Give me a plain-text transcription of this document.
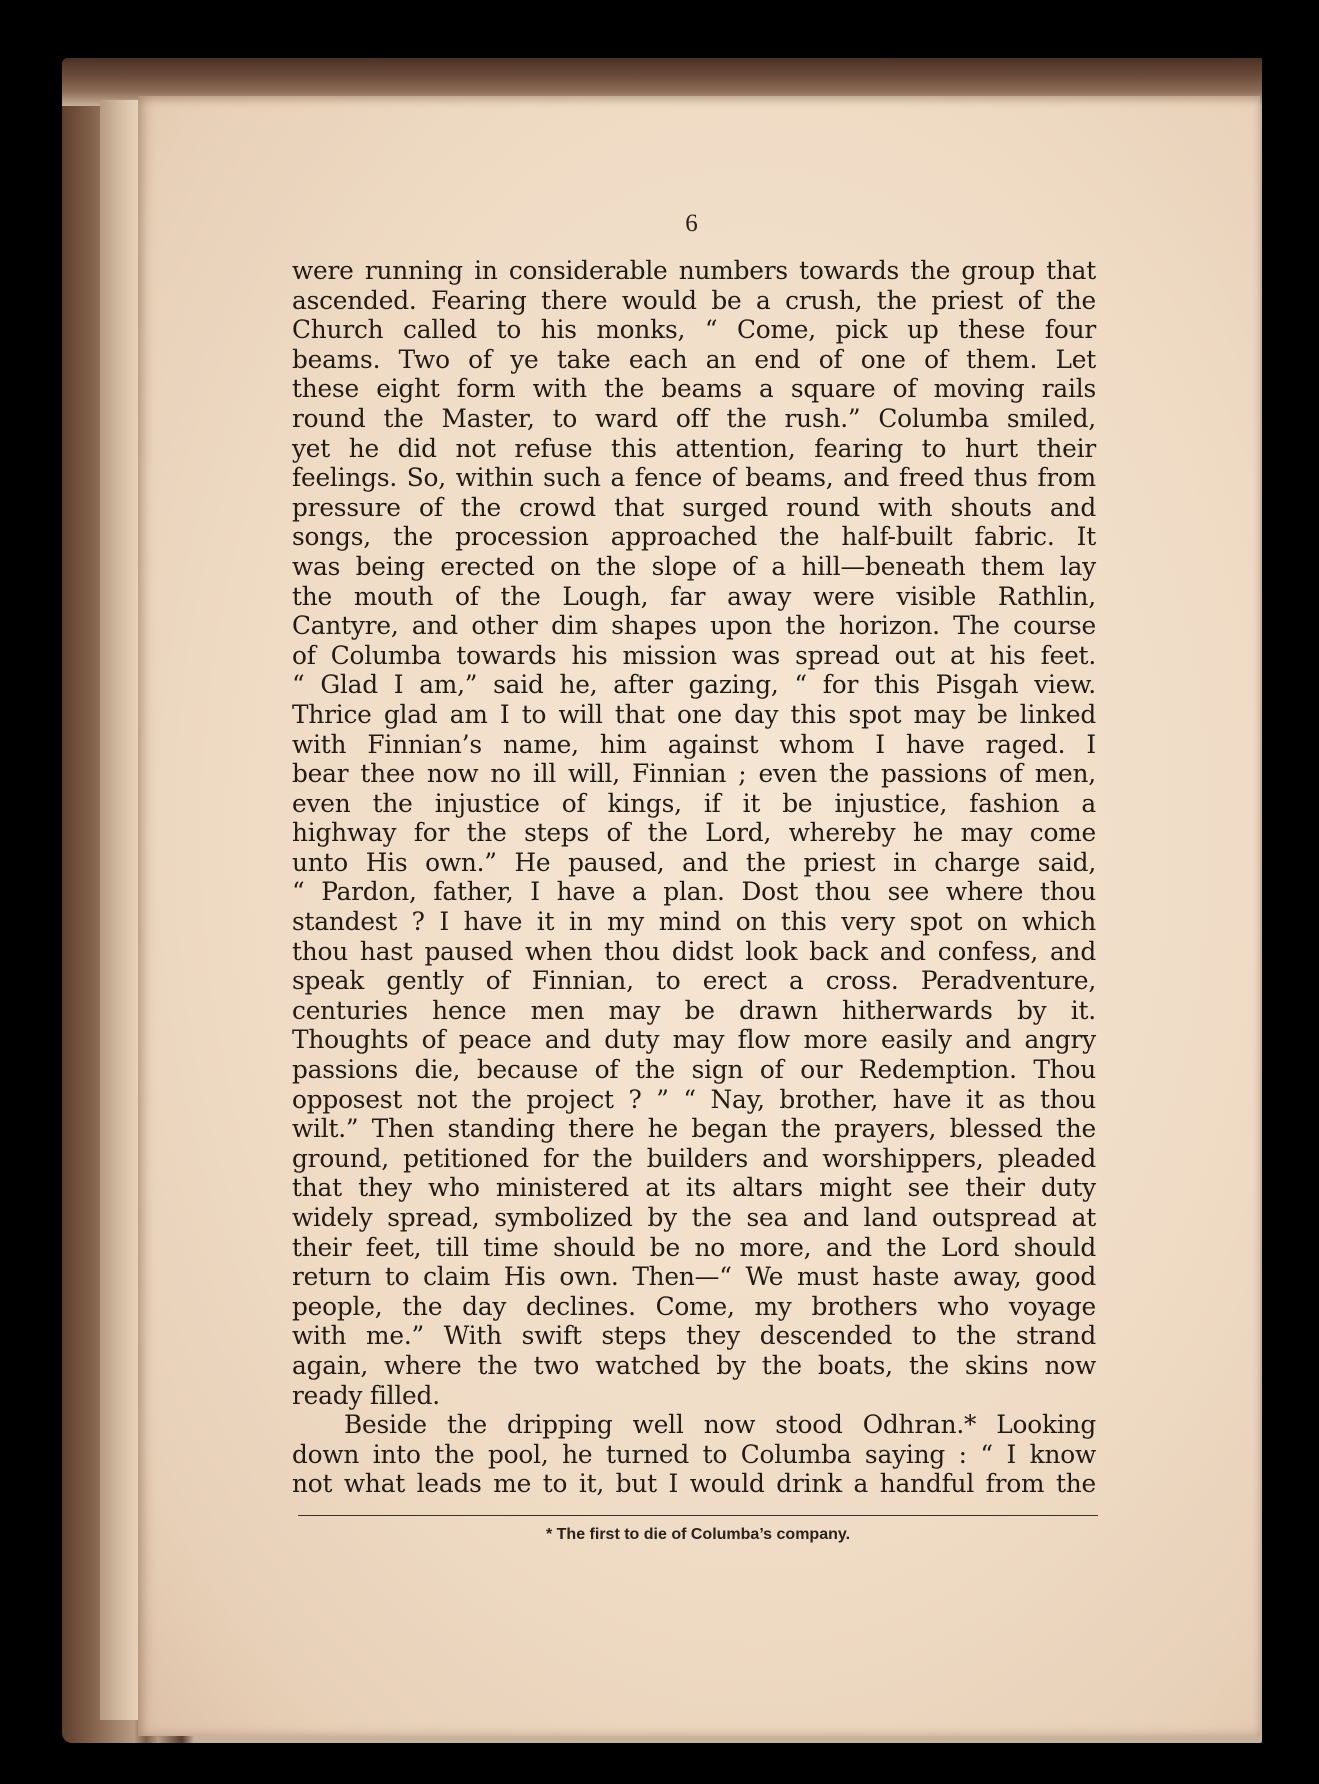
6
were running in considerable numbers towards the group that
ascended. Fearing there would be a crush, the priest of the
Church called to his monks, “ Come, pick up these four
beams. Two of ye take each an end of one of them. Let
these eight form with the beams a square of moving rails
round the Master, to ward off the rush.” Columba smiled,
yet he did not refuse this attention, fearing to hurt their
feelings. So, within such a fence of beams, and freed thus from
pressure of the crowd that surged round with shouts and
songs, the procession approached the half-built fabric. It
was being erected on the slope of a hill—beneath them lay
the mouth of the Lough, far away were visible Rathlin,
Cantyre, and other dim shapes upon the horizon. The course
of Columba towards his mission was spread out at his feet.
“ Glad I am,” said he, after gazing, “ for this Pisgah view.
Thrice glad am I to will that one day this spot may be linked
with Finnian’s name, him against whom I have raged. I
bear thee now no ill will, Finnian ; even the passions of men,
even the injustice of kings, if it be injustice, fashion a
highway for the steps of the Lord, whereby he may come
unto His own.” He paused, and the priest in charge said,
“ Pardon, father, I have a plan. Dost thou see where thou
standest ? I have it in my mind on this very spot on which
thou hast paused when thou didst look back and confess, and
speak gently of Finnian, to erect a cross. Peradventure,
centuries hence men may be drawn hitherwards by it.
Thoughts of peace and duty may flow more easily and angry
passions die, because of the sign of our Redemption. Thou
opposest not the project ? ” “ Nay, brother, have it as thou
wilt.” Then standing there he began the prayers, blessed the
ground, petitioned for the builders and worshippers, pleaded
that they who ministered at its altars might see their duty
widely spread, symbolized by the sea and land outspread at
their feet, till time should be no more, and the Lord should
return to claim His own. Then—“ We must haste away, good
people, the day declines. Come, my brothers who voyage
with me.” With swift steps they descended to the strand
again, where the two watched by the boats, the skins now
ready filled.
Beside the dripping well now stood Odhran.* Looking
down into the pool, he turned to Columba saying : “ I know
not what leads me to it, but I would drink a handful from the
* The first to die of Columba’s company.
